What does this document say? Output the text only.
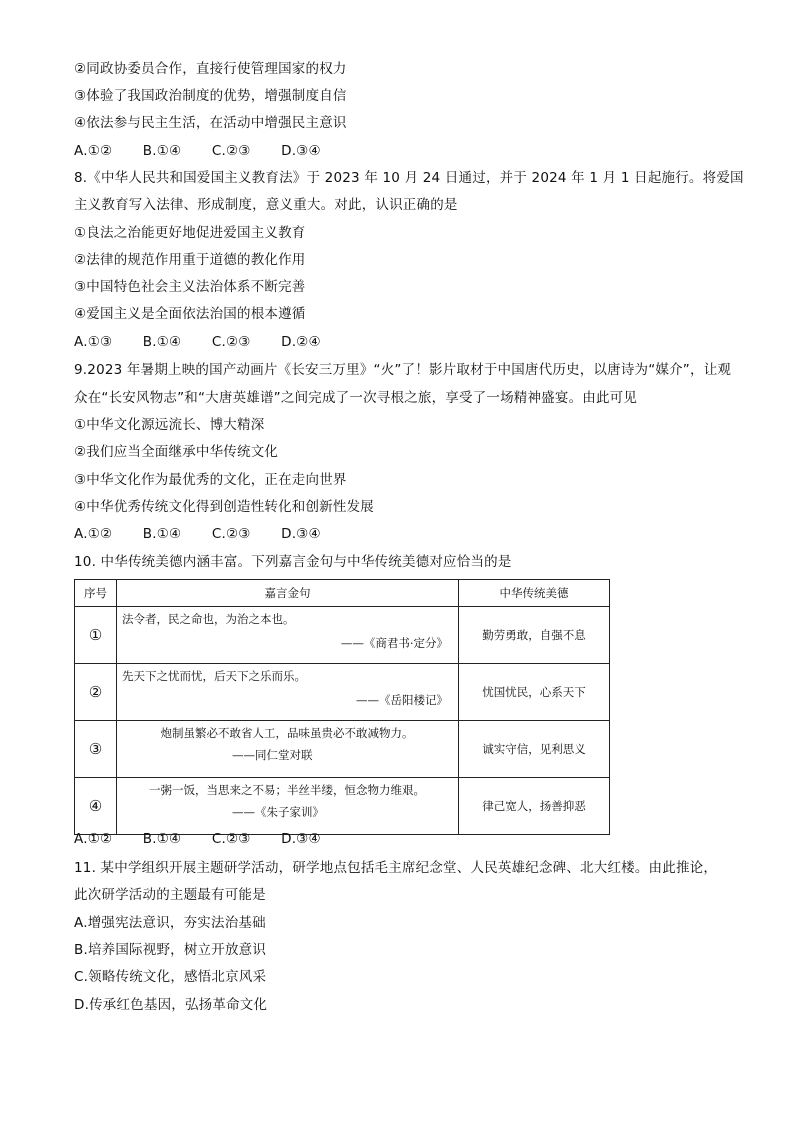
②同政协委员合作，直接行使管理国家的权力
③体验了我国政治制度的优势，增强制度自信
④依法参与民主生活，在活动中增强民主意识
A.①② B.①④ C.②③ D.③④
8.《中华人民共和国爱国主义教育法》于 2023 年 10 月 24 日通过，并于 2024 年 1 月 1 日起施行。将爱国
主义教育写入法律、形成制度，意义重大。对此，认识正确的是
①良法之治能更好地促进爱国主义教育
②法律的规范作用重于道德的教化作用
③中国特色社会主义法治体系不断完善
④爱国主义是全面依法治国的根本遵循
A.①③ B.①④ C.②③ D.②④
9.2023 年暑期上映的国产动画片《长安三万里》“火”了！影片取材于中国唐代历史，以唐诗为“媒介”，让观
众在“长安风物志”和“大唐英雄谱”之间完成了一次寻根之旅，享受了一场精神盛宴。由此可见
①中华文化源远流长、博大精深
②我们应当全面继承中华传统文化
③中华文化作为最优秀的文化，正在走向世界
④中华优秀传统文化得到创造性转化和创新性发展
A.①② B.①④ C.②③ D.③④
10. 中华传统美德内涵丰富。下列嘉言金句与中华传统美德对应恰当的是
序号	嘉言金句	中华传统美德
①	法令者，民之命也，为治之本也。
——《商君书·定分》	勤劳勇敢，自强不息
②	先天下之忧而忧，后天下之乐而乐。
——《岳阳楼记》	忧国忧民，心系天下
③	炮制虽繁必不敢省人工，品味虽贵必不敢减物力。
——同仁堂对联	诚实守信，见利思义
④	一粥一饭，当思来之不易；半丝半缕，恒念物力维艰。
——《朱子家训》	律己宽人，扬善抑恶
A.①② B.①④ C.②③ D.③④
11. 某中学组织开展主题研学活动，研学地点包括毛主席纪念堂、人民英雄纪念碑、北大红楼。由此推论，
此次研学活动的主题最有可能是
A.增强宪法意识，夯实法治基础
B.培养国际视野，树立开放意识
C.领略传统文化，感悟北京风采
D.传承红色基因，弘扬革命文化
